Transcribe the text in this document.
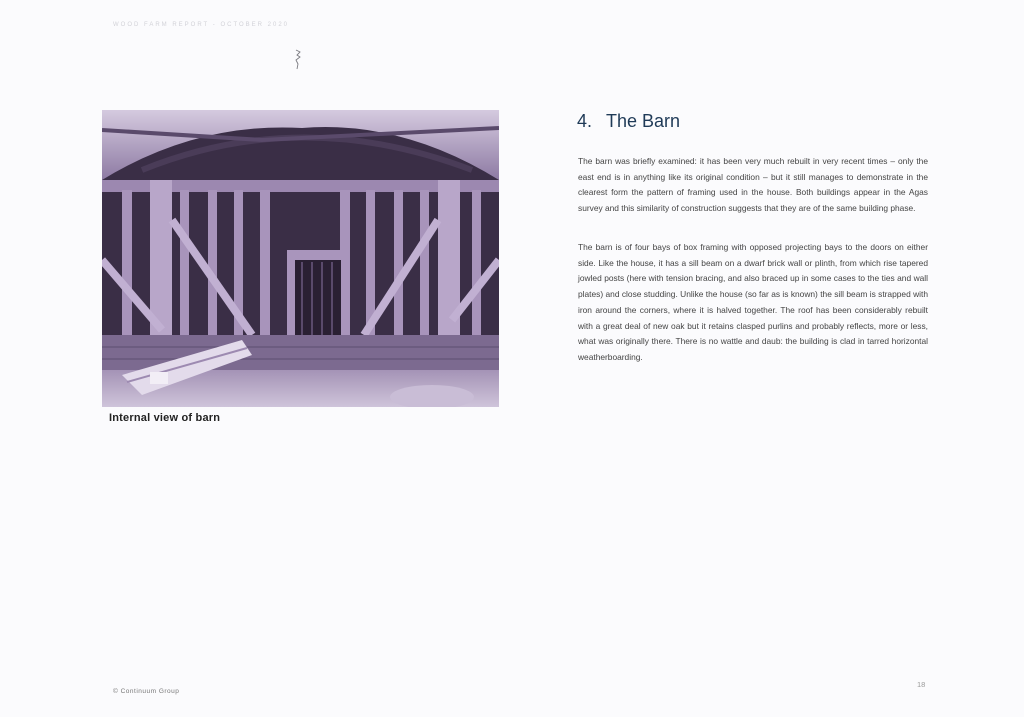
WOOD FARM REPORT - OCTOBER 2020
Internal view of barn
4. The Barn
The barn was briefly examined: it has been very much rebuilt in very recent times – only the east end is in anything like its original condition – but it still manages to demonstrate in the clearest form the pattern of framing used in the house. Both buildings appear in the Agas survey and this similarity of construction suggests that they are of the same building phase.
The barn is of four bays of box framing with opposed projecting bays to the doors on either side. Like the house, it has a sill beam on a dwarf brick wall or plinth, from which rise tapered jowled posts (here with tension bracing, and also braced up in some cases to the ties and wall plates) and close studding. Unlike the house (so far as is known) the sill beam is strapped with iron around the corners, where it is halved together. The roof has been considerably rebuilt with a great deal of new oak but it retains clasped purlins and probably reflects, more or less, what was originally there. There is no wattle and daub: the building is clad in tarred horizontal weatherboarding.
© Continuum Group
18
